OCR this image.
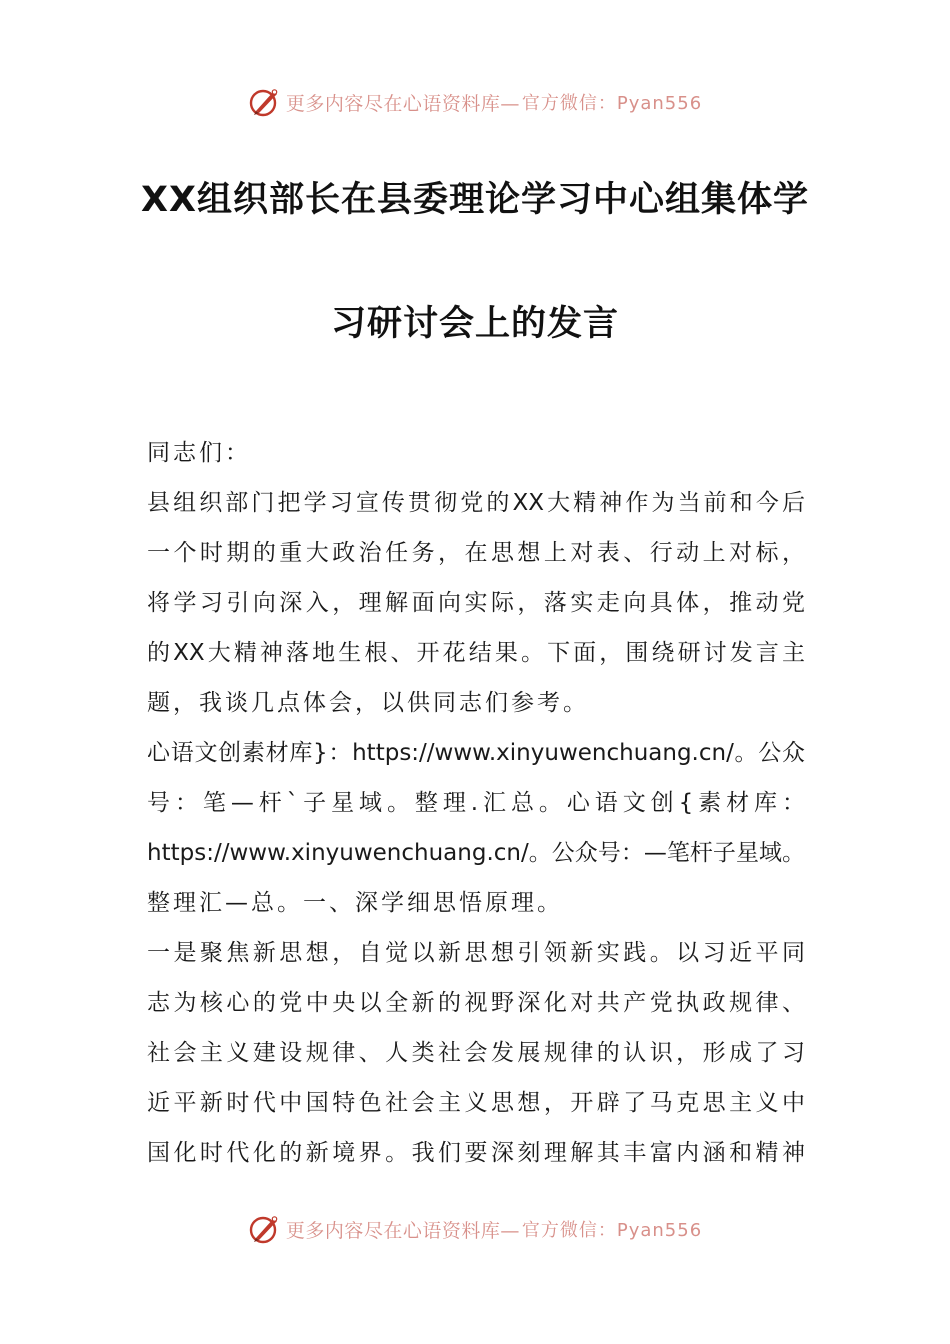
更多内容尽在心语资料库— 官方微信：Pyan556
XX组织部长在县委理论学习中心组集体学
习研讨会上的发言
同志们：
县组织部门把学习宣传贯彻党的XX大精神作为当前和今后
一个时期的重大政治任务，在思想上对表、行动上对标，
将学习引向深入，理解面向实际，落实走向具体，推动党
的XX大精神落地生根、开花结果。下面，围绕研讨发言主
题，我谈几点体会，以供同志们参考。
心语文创素材库}：https://www.xinyuwenchuang.cn/。公众
号：笔—杆`子星域。整理.汇总。心语文创{素材库：
https://www.xinyuwenchuang.cn/。公众号：—笔杆子星域。
整理汇—总。一、深学细思悟原理。
一是聚焦新思想，自觉以新思想引领新实践。以习近平同
志为核心的党中央以全新的视野深化对共产党执政规律、
社会主义建设规律、人类社会发展规律的认识，形成了习
近平新时代中国特色社会主义思想，开辟了马克思主义中
国化时代化的新境界。我们要深刻理解其丰富内涵和精神
更多内容尽在心语资料库— 官方微信：Pyan556
